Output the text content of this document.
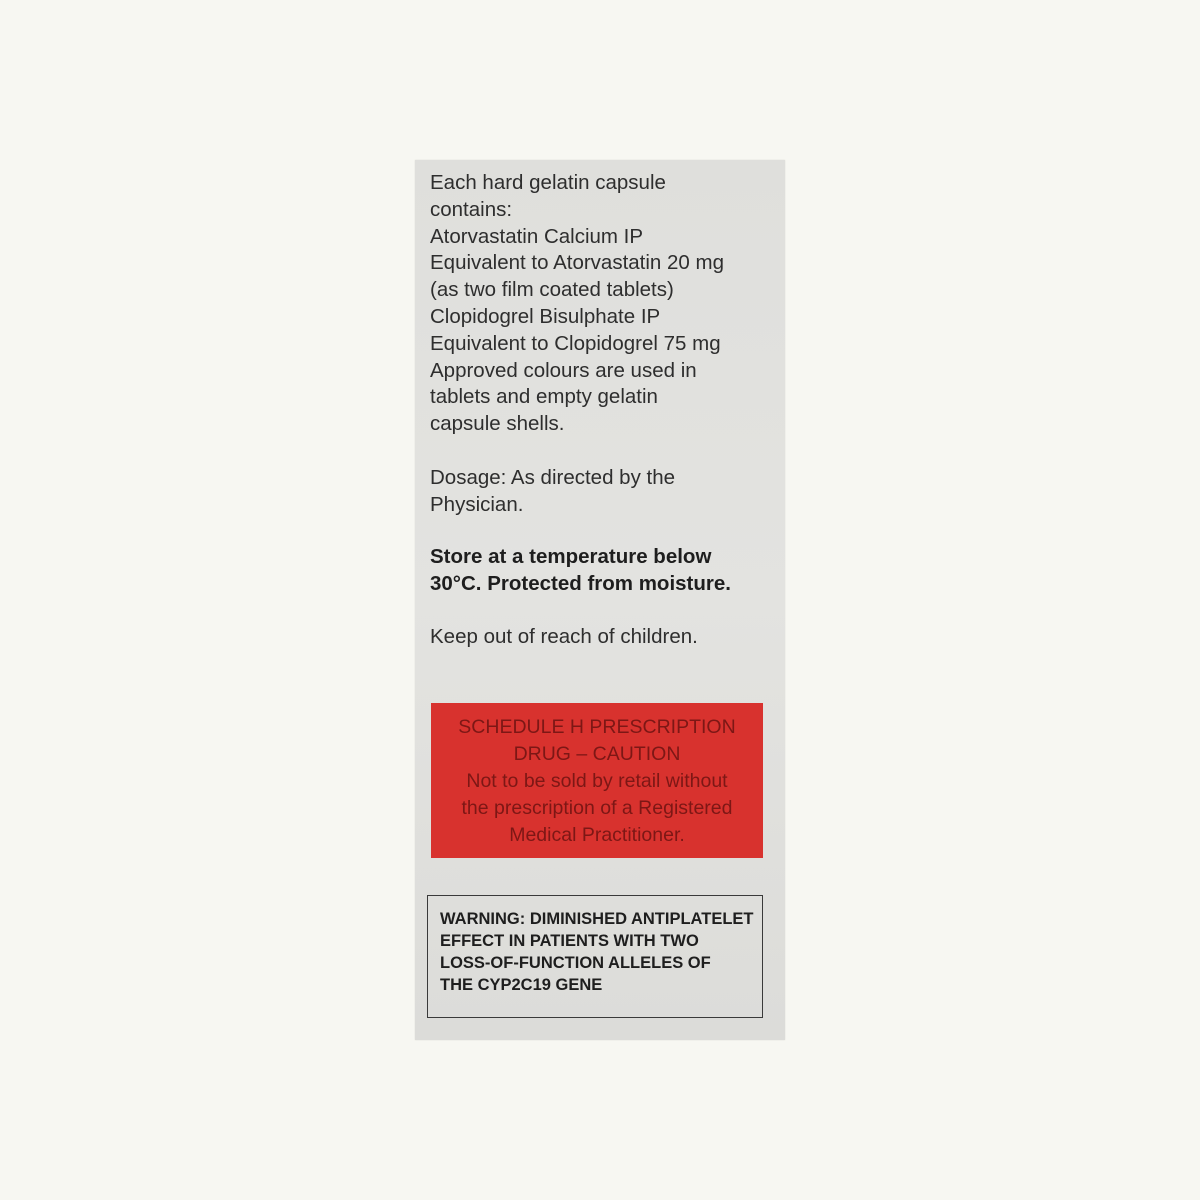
Each hard gelatin capsule
contains:
Atorvastatin Calcium IP
Equivalent to Atorvastatin 20 mg
(as two film coated tablets)
Clopidogrel Bisulphate IP
Equivalent to Clopidogrel 75 mg
Approved colours are used in
tablets and empty gelatin
capsule shells.
Dosage: As directed by the
Physician.
Store at a temperature below
30°C. Protected from moisture.
Keep out of reach of children.
SCHEDULE H PRESCRIPTION
DRUG – CAUTION
Not to be sold by retail without
the prescription of a Registered
Medical Practitioner.
WARNING: DIMINISHED ANTIPLATELET
EFFECT IN PATIENTS WITH TWO
LOSS-OF-FUNCTION ALLELES OF
THE CYP2C19 GENE
